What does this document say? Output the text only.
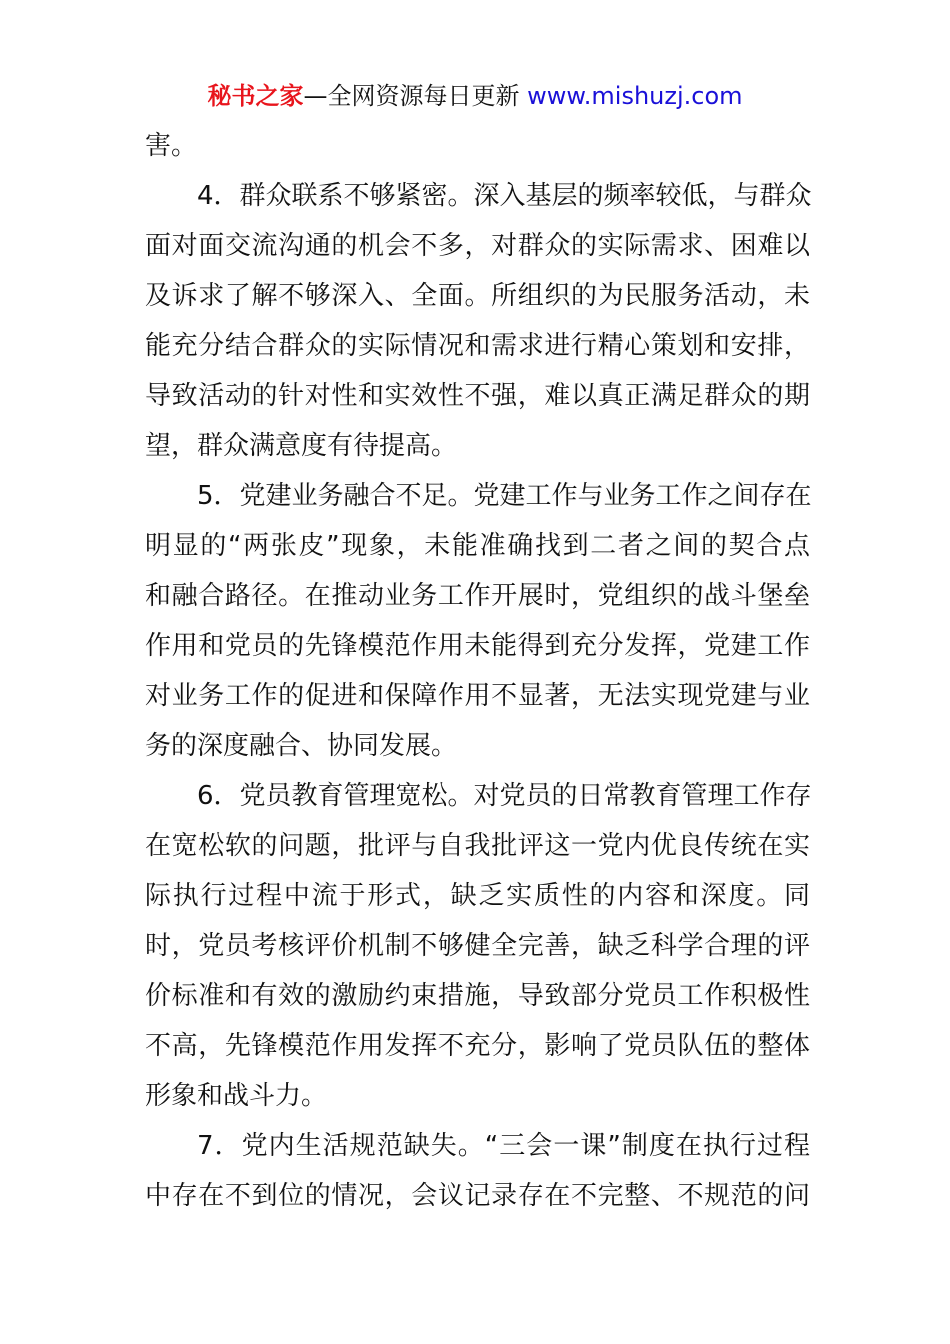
秘书之家—全网资源每日更新 www.mishuzj.com
害。
4．群众联系不够紧密。深入基层的频率较低，与群众
面对面交流沟通的机会不多，对群众的实际需求、困难以
及诉求了解不够深入、全面。所组织的为民服务活动，未
能充分结合群众的实际情况和需求进行精心策划和安排，
导致活动的针对性和实效性不强，难以真正满足群众的期
望，群众满意度有待提高。
5．党建业务融合不足。党建工作与业务工作之间存在
明显的“两张皮”现象，未能准确找到二者之间的契合点
和融合路径。在推动业务工作开展时，党组织的战斗堡垒
作用和党员的先锋模范作用未能得到充分发挥，党建工作
对业务工作的促进和保障作用不显著，无法实现党建与业
务的深度融合、协同发展。
6．党员教育管理宽松。对党员的日常教育管理工作存
在宽松软的问题，批评与自我批评这一党内优良传统在实
际执行过程中流于形式，缺乏实质性的内容和深度。同
时，党员考核评价机制不够健全完善，缺乏科学合理的评
价标准和有效的激励约束措施，导致部分党员工作积极性
不高，先锋模范作用发挥不充分，影响了党员队伍的整体
形象和战斗力。
7．党内生活规范缺失。“三会一课”制度在执行过程
中存在不到位的情况，会议记录存在不完整、不规范的问
